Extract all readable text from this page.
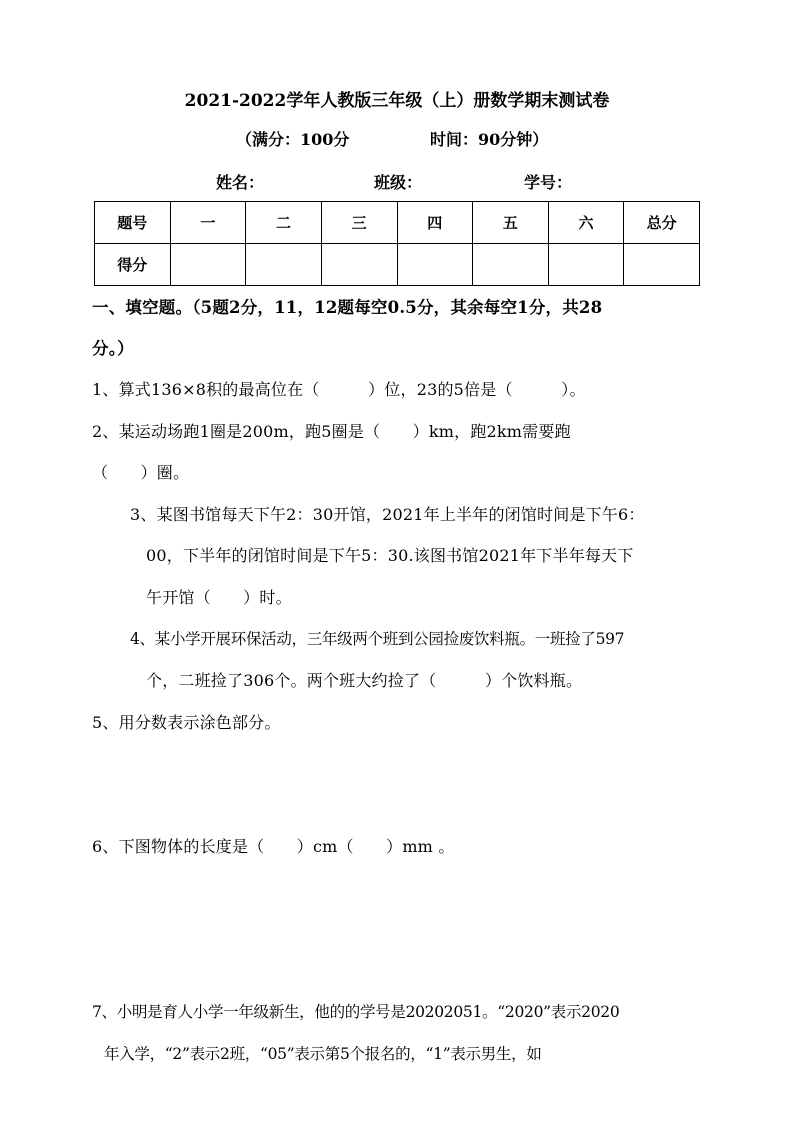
2021-2022学年人教版三年级（上）册数学期末测试卷
（满分：100分	时间：90分钟）
姓名：	班级：	学号：
题号	一	二	三	四	五	六	总分
得分							
一、填空题。（5题2分，11，12题每空0.5分，其余每空1分，共28
分。）
1、算式136×8积的最高位在（　　　）位，23的5倍是（　　　）。
2、某运动场跑1圈是200m，跑5圈是（　　）km，跑2km需要跑
（　　）圈。
3、某图书馆每天下午2：30开馆，2021年上半年的闭馆时间是下午6：
00，下半年的闭馆时间是下午5：30.该图书馆2021年下半年每天下
午开馆（　　）时。
4、某小学开展环保活动，三年级两个班到公园捡废饮料瓶。一班捡了597
个，二班捡了306个。两个班大约捡了（　　　）个饮料瓶。
5、用分数表示涂色部分。
6、下图物体的长度是（　　）cm（　　）mm 。
7、小明是育人小学一年级新生，他的的学号是20202051。“2020”表示2020
年入学，“2”表示2班，“05”表示第5个报名的，“1”表示男生，如
